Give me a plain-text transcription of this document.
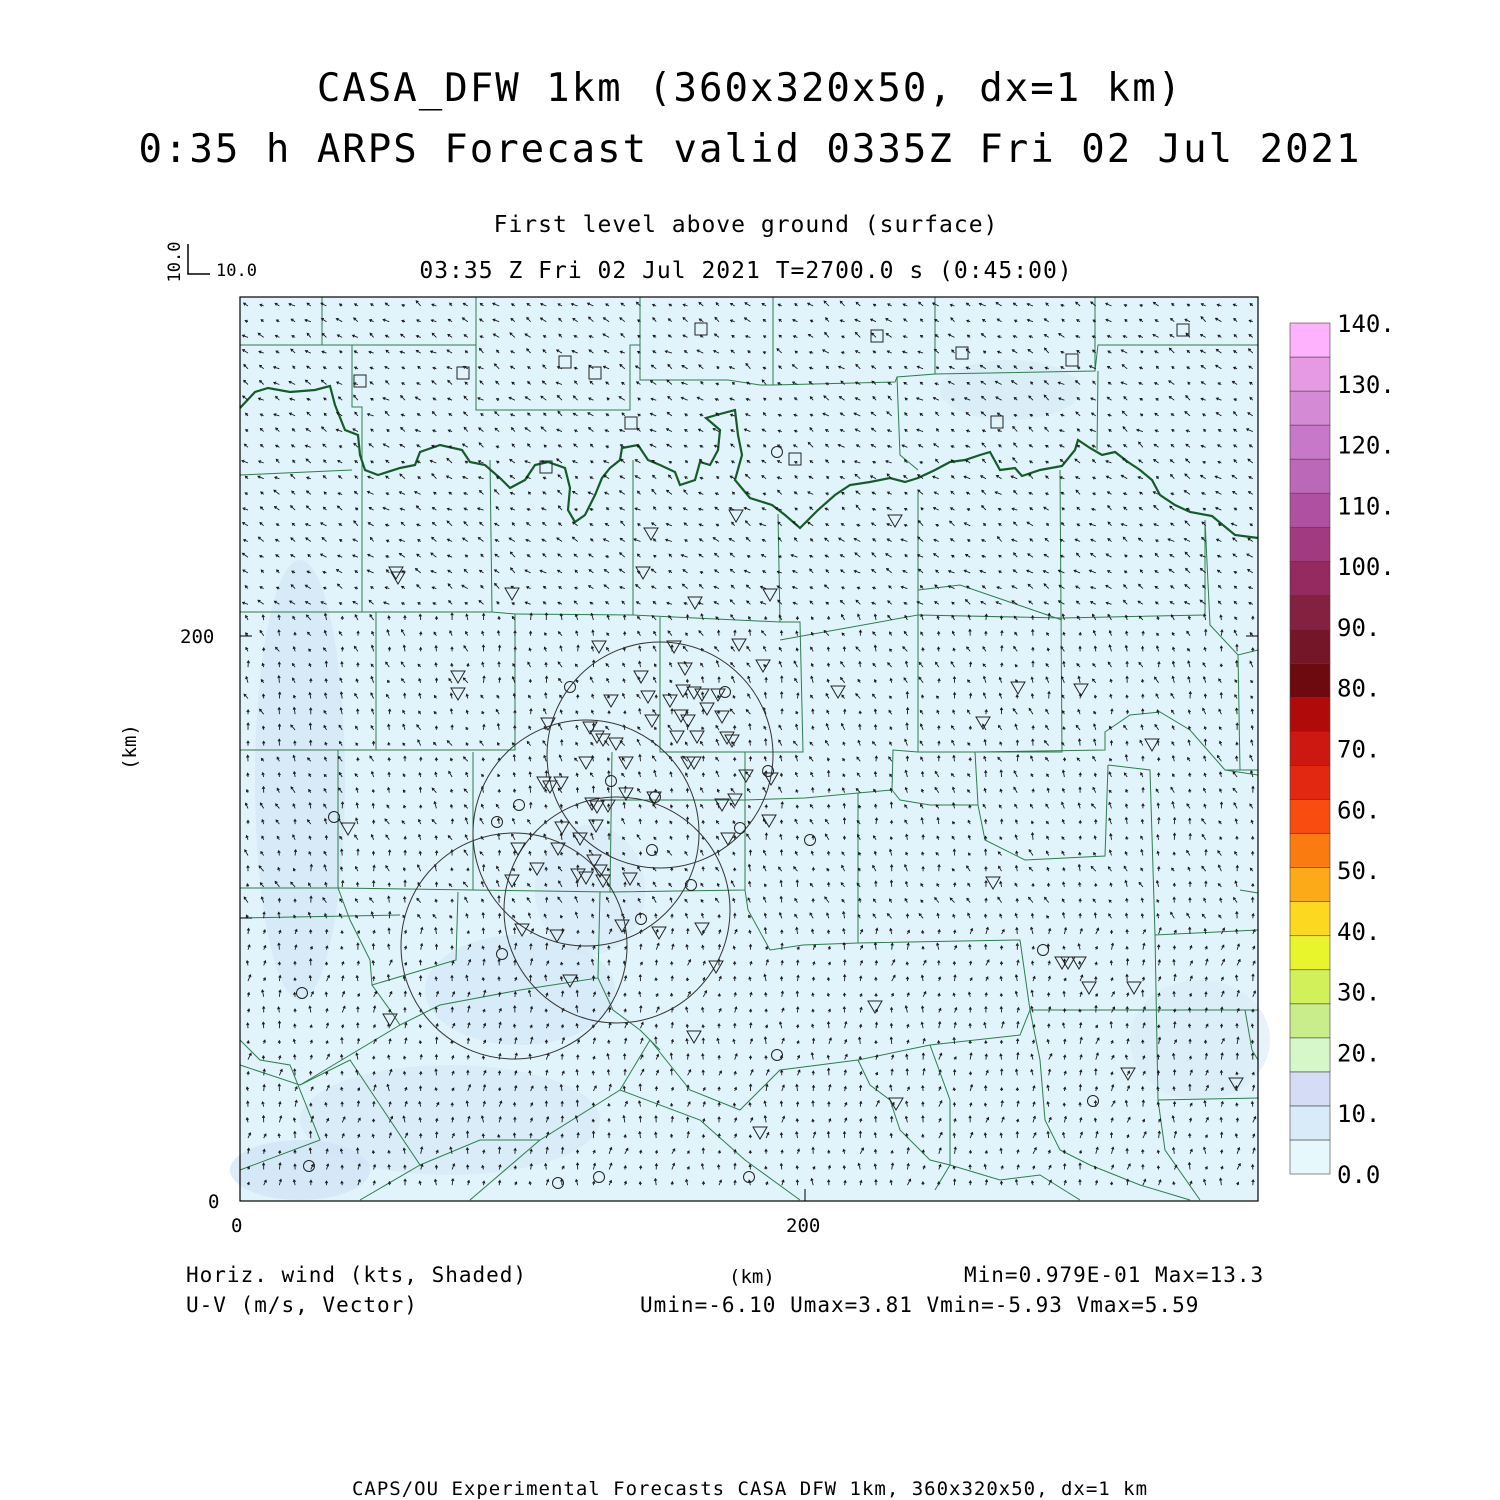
CASA_DFW 1km (360x320x50, dx=1 km)
0:35 h ARPS Forecast valid 0335Z Fri 02 Jul 2021
First level above ground (surface)
03:35 Z Fri 02 Jul 2021 T=2700.0 s (0:45:00)
10.0 10.0
140.
130.
120.
110.
100.
90.
80.
70.
60.
50.
40.
30.
20.
10.
0.0
200
0
0	200
(km)
(km)
Horiz. wind (kts, Shaded)
U-V (m/s, Vector)
Min=0.979E-01 Max=13.3
Umin=-6.10 Umax=3.81 Vmin=-5.93 Vmax=5.59
CAPS/OU Experimental Forecasts CASA DFW 1km, 360x320x50, dx=1 km
